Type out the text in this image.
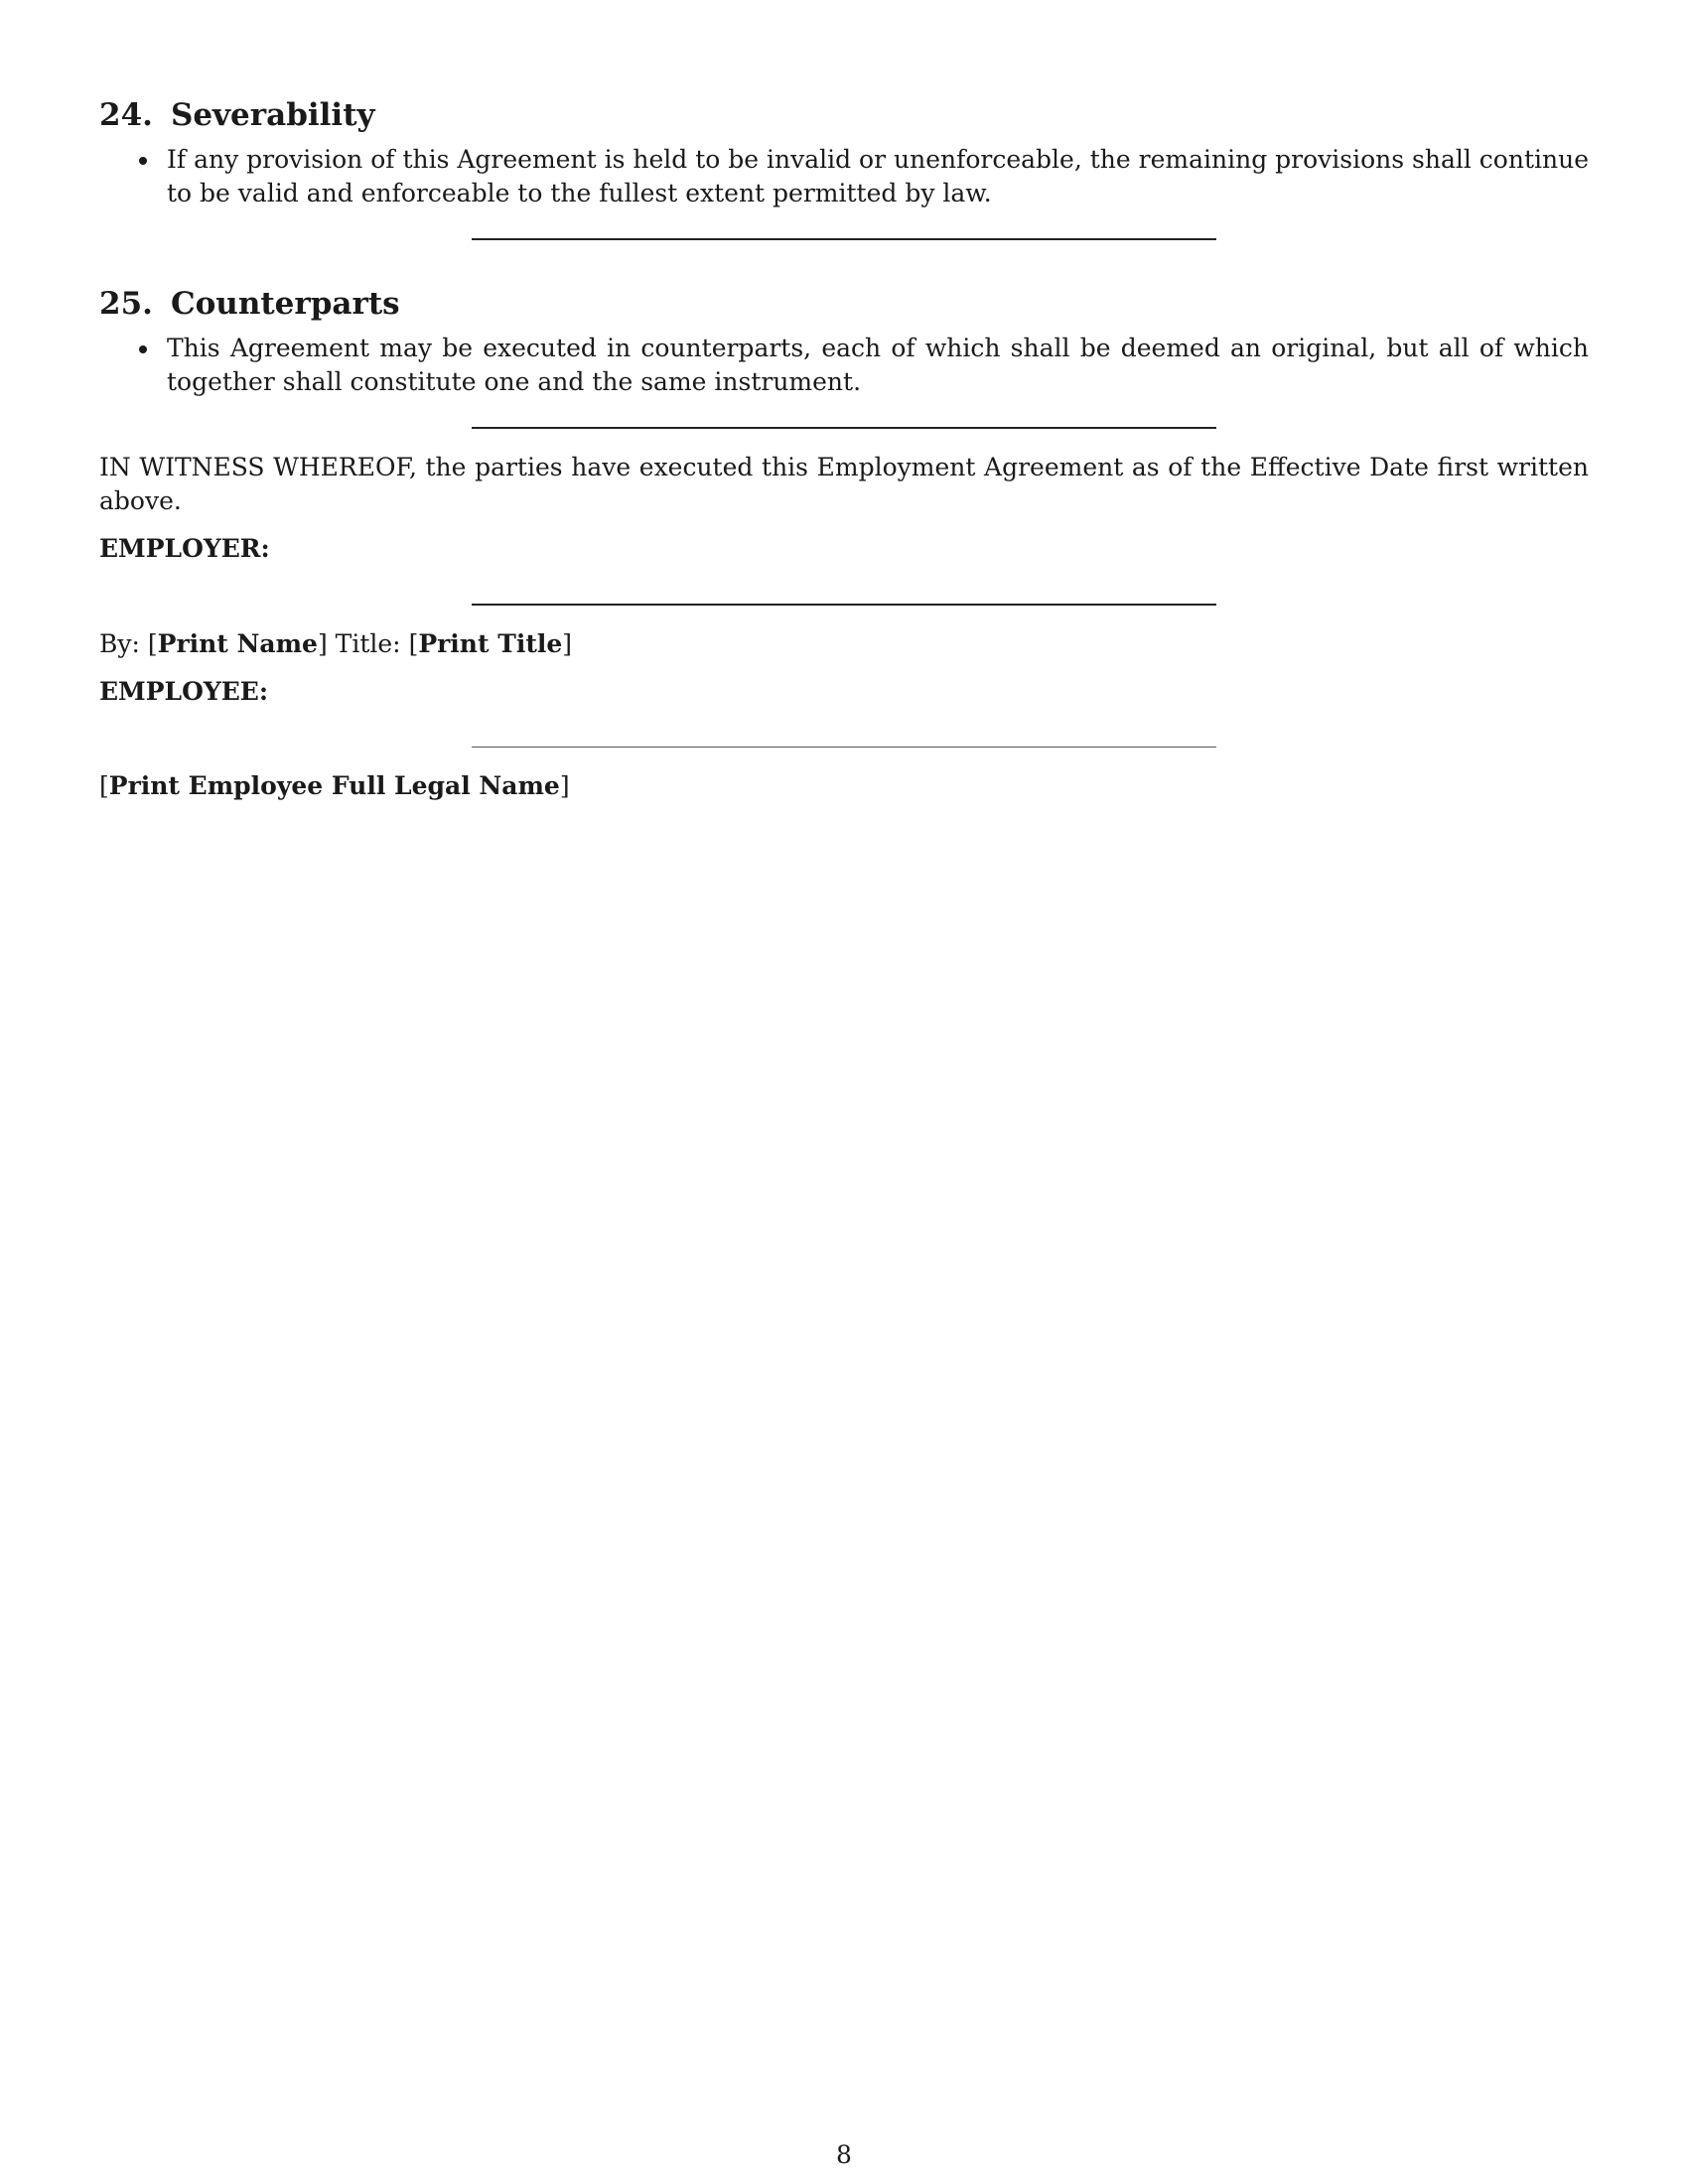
24. Severability
If any provision of this Agreement is held to be invalid or unenforceable, the remaining provisions shall continue to be valid and enforceable to the fullest extent permitted by law.
25. Counterparts
This Agreement may be executed in counterparts, each of which shall be deemed an original, but all of which together shall constitute one and the same instrument.

IN WITNESS WHEREOF, the parties have executed this Employment Agreement as of the Effective Date first written above.

EMPLOYER:

By: [Print Name] Title: [Print Title]

EMPLOYEE:

[Print Employee Full Legal Name]

8
